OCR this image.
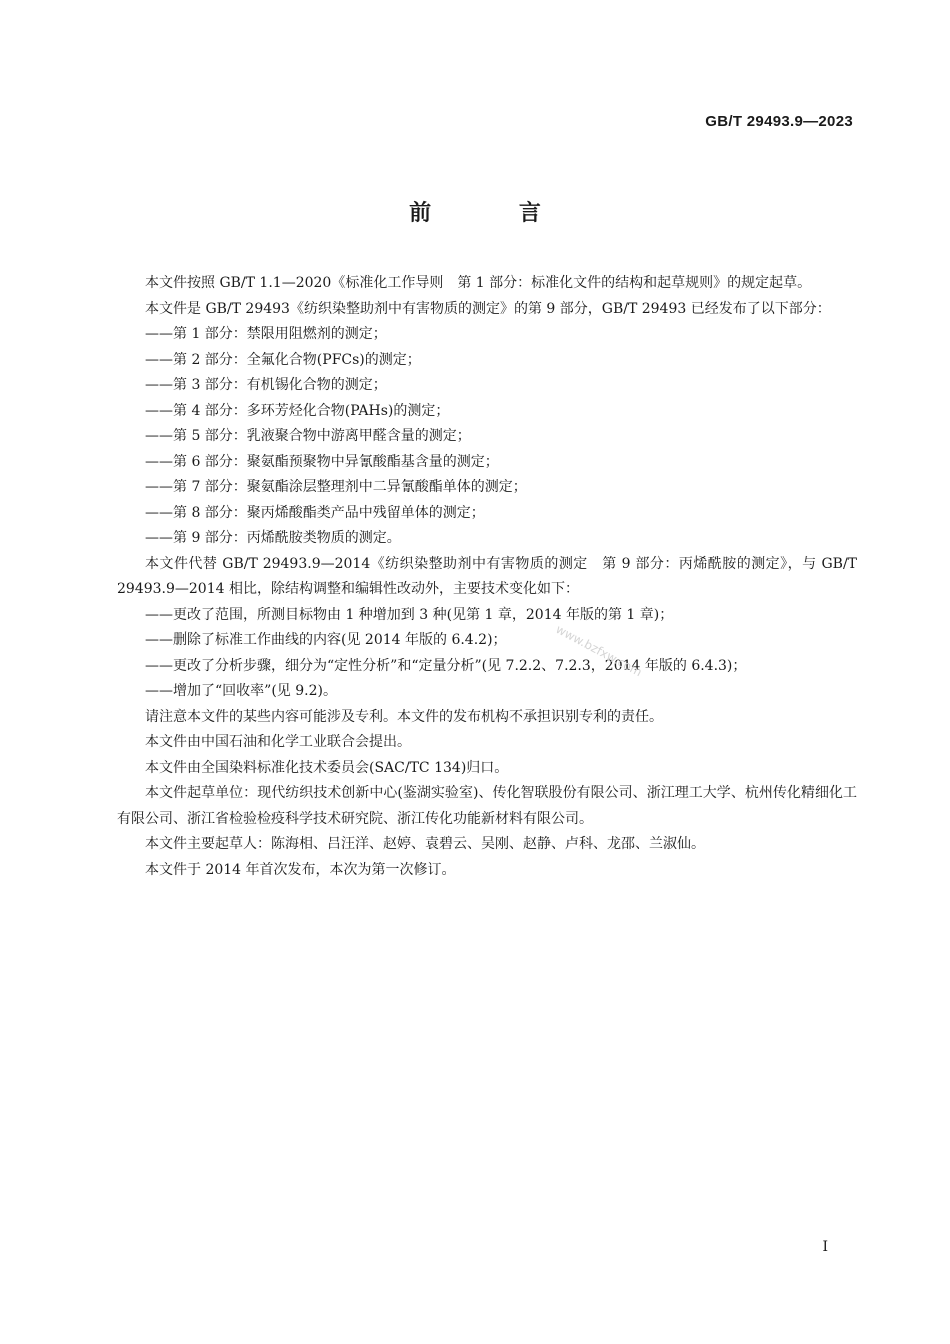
GB/T 29493.9—2023
前 言

本文件按照 GB/T 1.1—2020《标准化工作导则　第 1 部分：标准化文件的结构和起草规则》的规定起草。

本文件是 GB/T 29493《纺织染整助剂中有害物质的测定》的第 9 部分，GB/T 29493 已经发布了以下部分：

——第 1 部分：禁限用阻燃剂的测定；

——第 2 部分：全氟化合物(PFCs)的测定；

——第 3 部分：有机锡化合物的测定；

——第 4 部分：多环芳烃化合物(PAHs)的测定；

——第 5 部分：乳液聚合物中游离甲醛含量的测定；

——第 6 部分：聚氨酯预聚物中异氰酸酯基含量的测定；

——第 7 部分：聚氨酯涂层整理剂中二异氰酸酯单体的测定；

——第 8 部分：聚丙烯酸酯类产品中残留单体的测定；

——第 9 部分：丙烯酰胺类物质的测定。

本文件代替 GB/T 29493.9—2014《纺织染整助剂中有害物质的测定　第 9 部分：丙烯酰胺的测定》，与 GB/T 29493.9—2014 相比，除结构调整和编辑性改动外，主要技术变化如下：

——更改了范围，所测目标物由 1 种增加到 3 种(见第 1 章，2014 年版的第 1 章)；

——删除了标准工作曲线的内容(见 2014 年版的 6.4.2)；

——更改了分析步骤，细分为“定性分析”和“定量分析”(见 7.2.2、7.2.3，2014 年版的 6.4.3)；

——增加了“回收率”(见 9.2)。

请注意本文件的某些内容可能涉及专利。本文件的发布机构不承担识别专利的责任。

本文件由中国石油和化学工业联合会提出。

本文件由全国染料标准化技术委员会(SAC/TC 134)归口。

本文件起草单位：现代纺织技术创新中心(鉴湖实验室)、传化智联股份有限公司、浙江理工大学、杭州传化精细化工有限公司、浙江省检验检疫科学技术研究院、浙江传化功能新材料有限公司。

本文件主要起草人：陈海相、吕汪洋、赵婷、袁碧云、吴刚、赵静、卢科、龙邵、兰淑仙。

本文件于 2014 年首次发布，本次为第一次修订。

www.bzfxw.com
I
